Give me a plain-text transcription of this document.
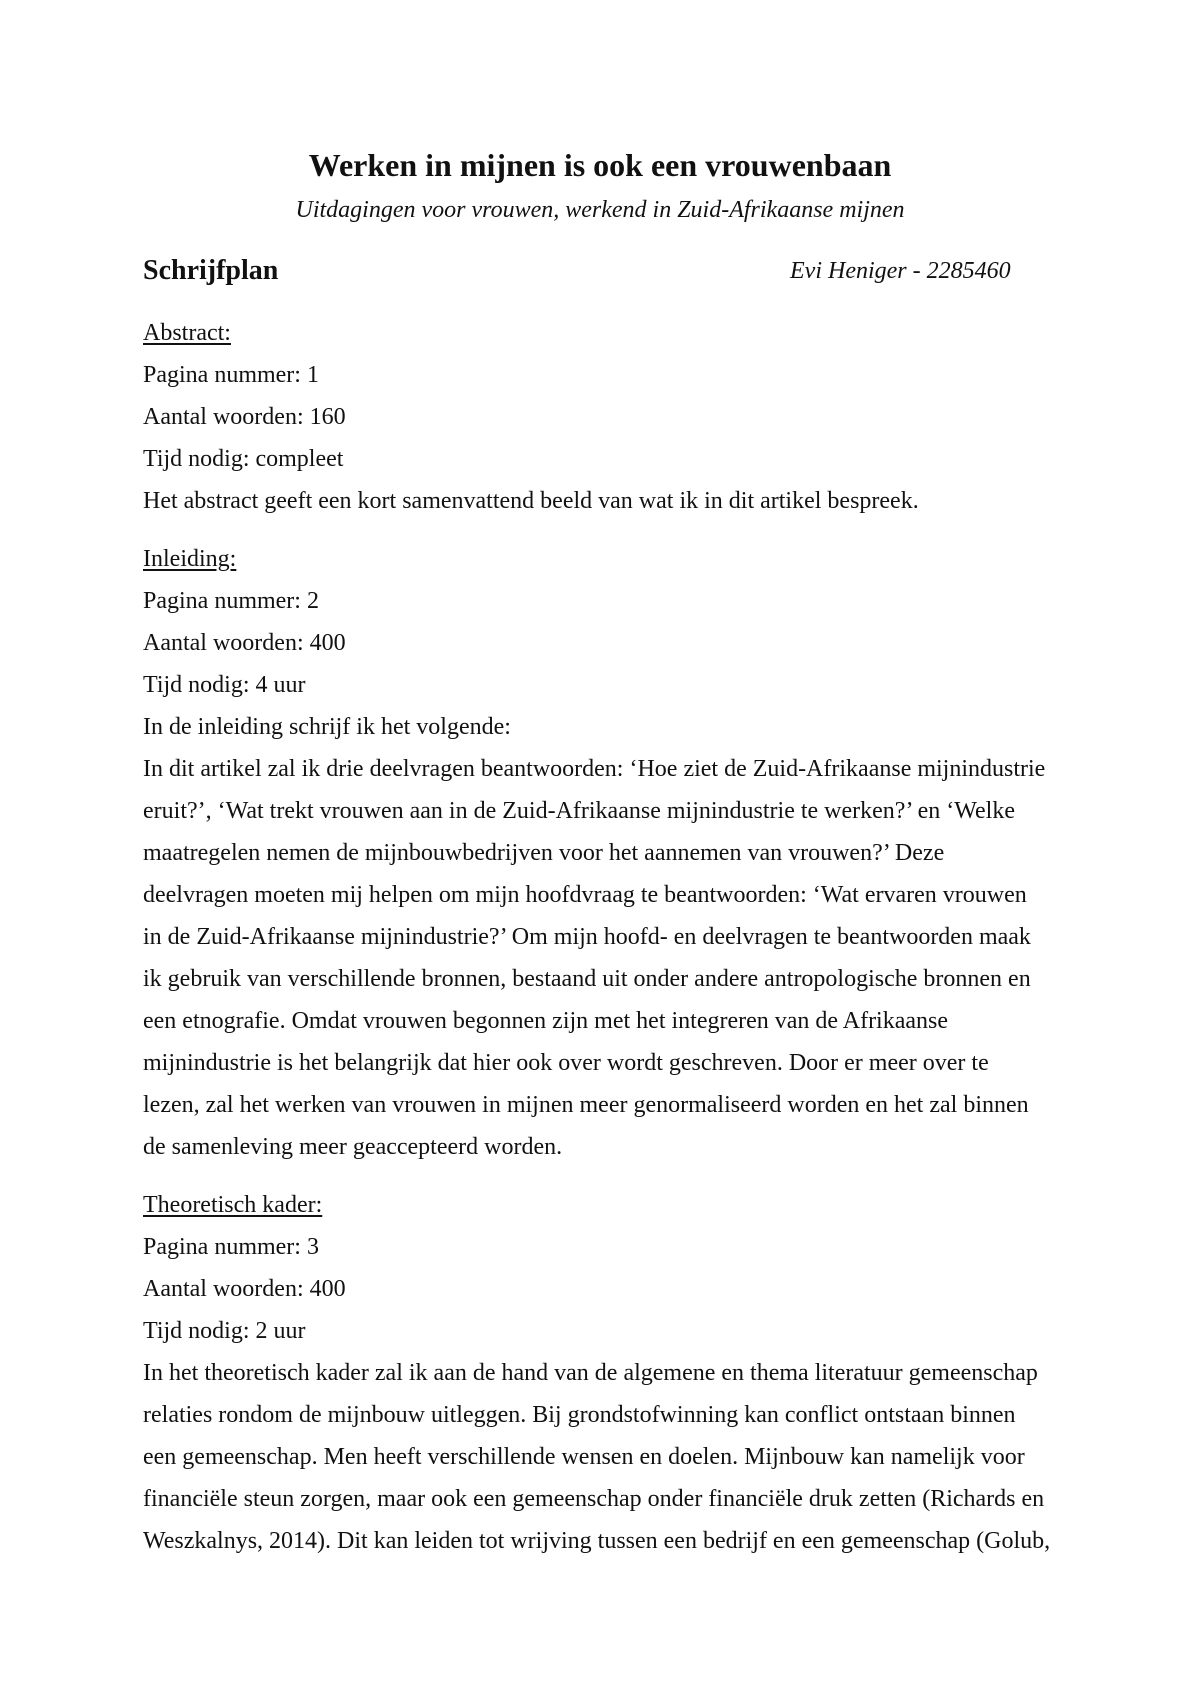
Werken in mijnen is ook een vrouwenbaan
Uitdagingen voor vrouwen, werkend in Zuid-Afrikaanse mijnen
Schrijfplan	Evi Heniger - 2285460
Abstract:
Pagina nummer: 1
Aantal woorden: 160
Tijd nodig: compleet
Het abstract geeft een kort samenvattend beeld van wat ik in dit artikel bespreek.
Inleiding:
Pagina nummer: 2
Aantal woorden: 400
Tijd nodig: 4 uur
In de inleiding schrijf ik het volgende:
In dit artikel zal ik drie deelvragen beantwoorden: ‘Hoe ziet de Zuid-Afrikaanse mijnindustrie
eruit?’, ‘Wat trekt vrouwen aan in de Zuid-Afrikaanse mijnindustrie te werken?’ en ‘Welke
maatregelen nemen de mijnbouwbedrijven voor het aannemen van vrouwen?’ Deze
deelvragen moeten mij helpen om mijn hoofdvraag te beantwoorden: ‘Wat ervaren vrouwen
in de Zuid-Afrikaanse mijnindustrie?’ Om mijn hoofd- en deelvragen te beantwoorden maak
ik gebruik van verschillende bronnen, bestaand uit onder andere antropologische bronnen en
een etnografie. Omdat vrouwen begonnen zijn met het integreren van de Afrikaanse
mijnindustrie is het belangrijk dat hier ook over wordt geschreven. Door er meer over te
lezen, zal het werken van vrouwen in mijnen meer genormaliseerd worden en het zal binnen
de samenleving meer geaccepteerd worden.
Theoretisch kader:
Pagina nummer: 3
Aantal woorden: 400
Tijd nodig: 2 uur
In het theoretisch kader zal ik aan de hand van de algemene en thema literatuur gemeenschap
relaties rondom de mijnbouw uitleggen. Bij grondstofwinning kan conflict ontstaan binnen
een gemeenschap. Men heeft verschillende wensen en doelen. Mijnbouw kan namelijk voor
financiële steun zorgen, maar ook een gemeenschap onder financiële druk zetten (Richards en
Weszkalnys, 2014). Dit kan leiden tot wrijving tussen een bedrijf en een gemeenschap (Golub,
